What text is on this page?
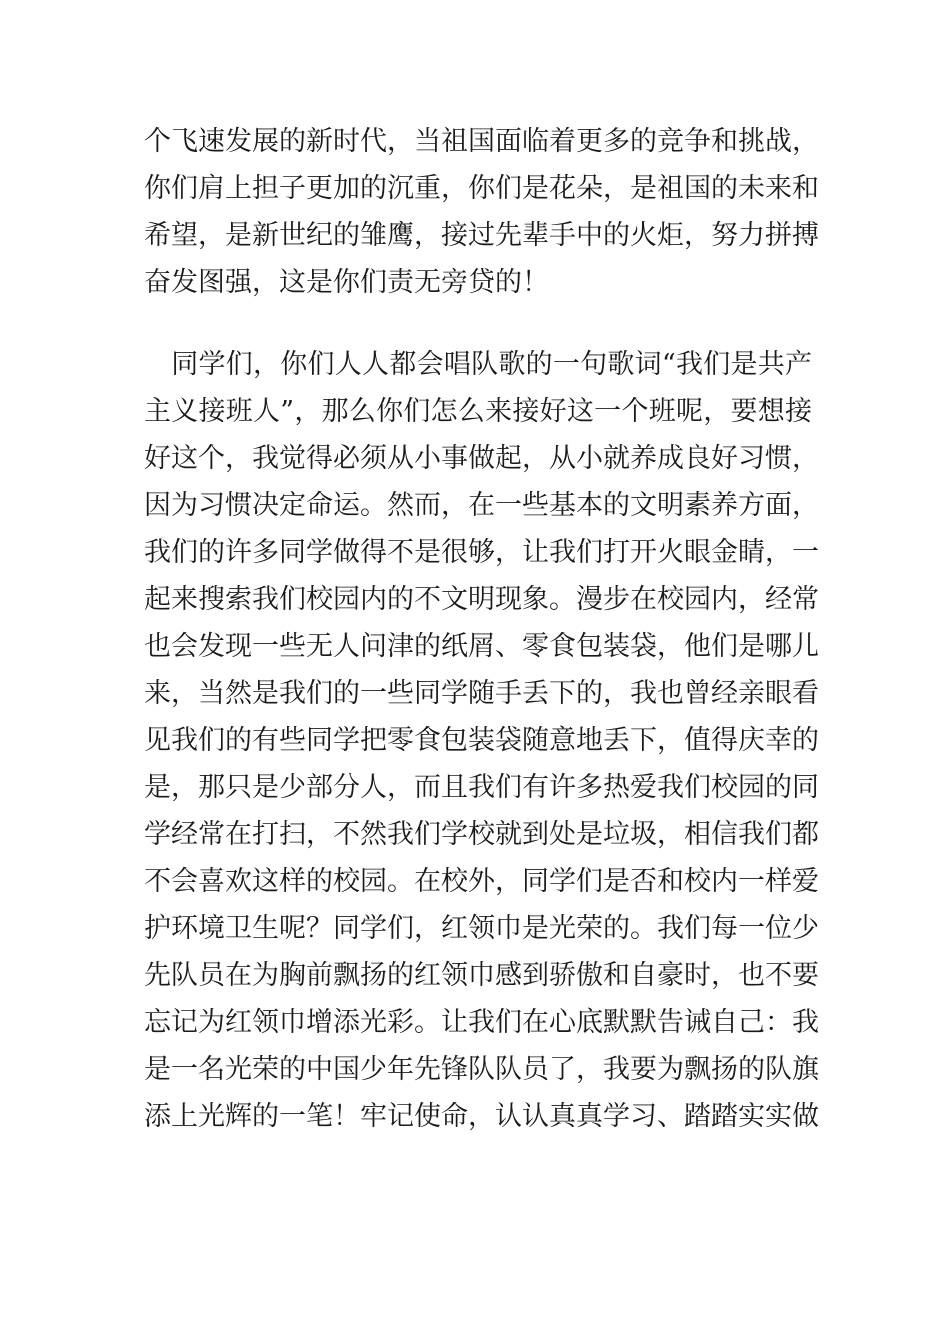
个飞速发展的新时代，当祖国面临着更多的竞争和挑战，
你们肩上担子更加的沉重，你们是花朵，是祖国的未来和
希望，是新世纪的雏鹰，接过先辈手中的火炬，努力拼搏
奋发图强，这是你们责无旁贷的！
　同学们，你们人人都会唱队歌的一句歌词“我们是共产
主义接班人”，那么你们怎么来接好这一个班呢，要想接
好这个，我觉得必须从小事做起，从小就养成良好习惯，
因为习惯决定命运。然而，在一些基本的文明素养方面，
我们的许多同学做得不是很够，让我们打开火眼金睛，一
起来搜索我们校园内的不文明现象。漫步在校园内，经常
也会发现一些无人问津的纸屑、零食包装袋，他们是哪儿
来，当然是我们的一些同学随手丢下的，我也曾经亲眼看
见我们的有些同学把零食包装袋随意地丢下，值得庆幸的
是，那只是少部分人，而且我们有许多热爱我们校园的同
学经常在打扫，不然我们学校就到处是垃圾，相信我们都
不会喜欢这样的校园。在校外，同学们是否和校内一样爱
护环境卫生呢？同学们，红领巾是光荣的。我们每一位少
先队员在为胸前飘扬的红领巾感到骄傲和自豪时，也不要
忘记为红领巾增添光彩。让我们在心底默默告诫自己：我
是一名光荣的中国少年先锋队队员了，我要为飘扬的队旗
添上光辉的一笔！牢记使命，认认真真学习、踏踏实实做
